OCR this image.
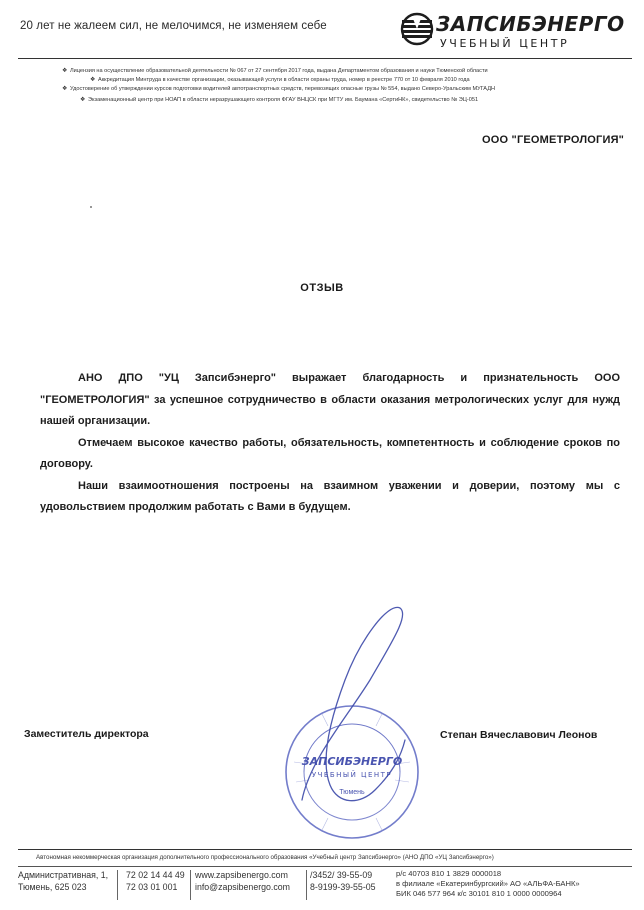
20 лет не жалеем сил, не мелочимся, не изменяем себе	ЗАПСИБЭНЕРГО
УЧЕБНЫЙ ЦЕНТР
❖ Лицензия на осуществление образовательной деятельности № 067 от 27 сентября 2017 года, выдана Департаментом образования и науки Тюменской области
❖ Аккредитация Минтруда в качестве организации, оказывающей услуги в области охраны труда, номер в реестре 770 от 10 февраля 2010 года
❖ Удостоверение об утверждении курсов подготовки водителей автотранспортных средств, перевозящих опасные грузы № 554, выдано Северо-Уральским МУГАДН
❖ Экзаменационный центр при НОАП в области неразрушающего контроля ФГАУ ВНЦСК при МГТУ им. Баумана «СертиНК», свидетельство № ЭЦ-051
ООО "ГЕОМЕТРОЛОГИЯ"
ОТЗЫВ

АНО ДПО "УЦ Запсибэнерго" выражает благодарность и признательность ООО "ГЕОМЕТРОЛОГИЯ" за успешное сотрудничество в области оказания метрологических услуг для нужд нашей организации.

Отмечаем высокое качество работы, обязательность, компетентность и соблюдение сроков по договору.

Наши взаимоотношения построены на взаимном уважении и доверии, поэтому мы с удовольствием продолжим работать с Вами в будущем.

Заместитель директора	Степан Вячеславович Леонов
ЗАПСИБЭНЕРГО
УЧЕБНЫЙ ЦЕНТР
Тюмень
Автономная некоммерческая организация дополнительного профессионального образования «Учебный центр Запсибэнерго» (АНО ДПО «УЦ Запсибэнерго»)
Административная, 1,
Тюмень, 625 023
72 02 14 44 49
72 03 01 001
www.zapsibenergo.com
info@zapsibenergo.com
/3452/ 39-55-09
8-9199-39-55-05
р/с 40703 810 1 3829 0000018
в филиале «Екатеринбургский» АО «АЛЬФА-БАНК»
БИК 046 577 964 к/с 30101 810 1 0000 0000964
